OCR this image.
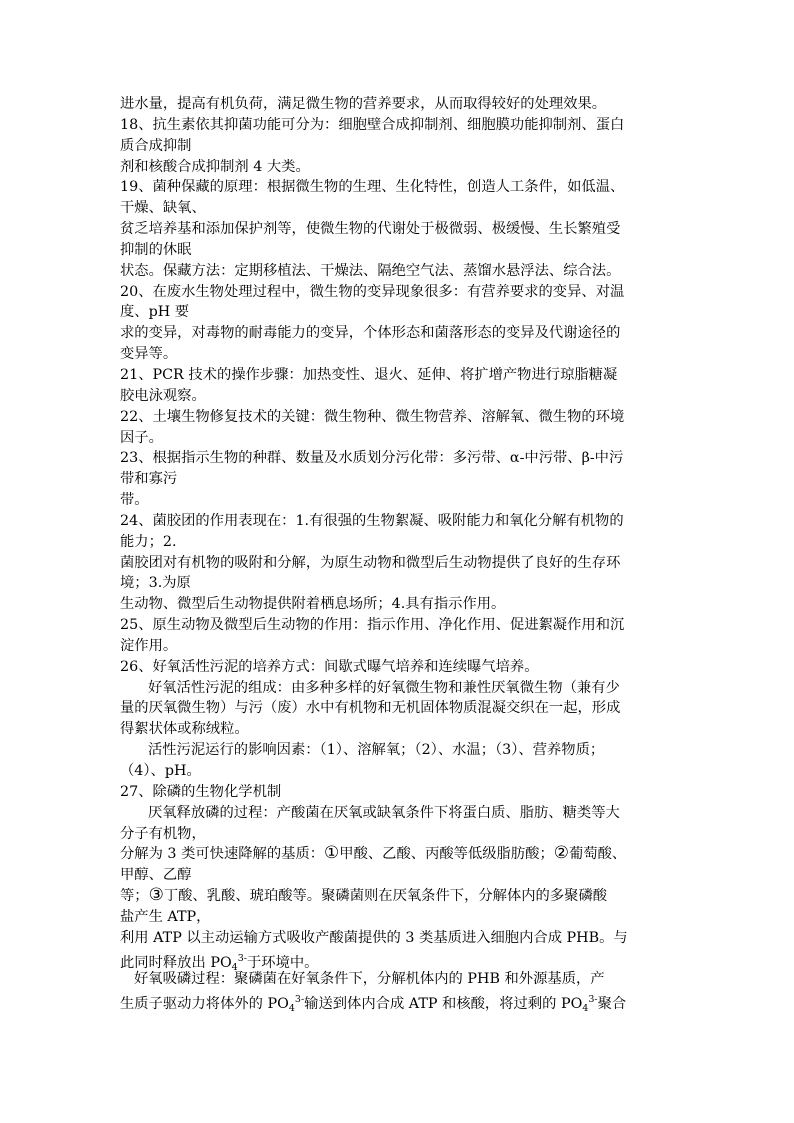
进水量，提高有机负荷，满足微生物的营养要求，从而取得较好的处理效果。
18、抗生素依其抑菌功能可分为：细胞壁合成抑制剂、细胞膜功能抑制剂、蛋白
质合成抑制
剂和核酸合成抑制剂 4 大类。
19、菌种保藏的原理：根据微生物的生理、生化特性，创造人工条件，如低温、
干燥、缺氧、
贫乏培养基和添加保护剂等，使微生物的代谢处于极微弱、极缓慢、生长繁殖受
抑制的休眠
状态。保藏方法：定期移植法、干燥法、隔绝空气法、蒸馏水悬浮法、综合法。
20、在废水生物处理过程中，微生物的变异现象很多：有营养要求的变异、对温
度、pH 要
求的变异，对毒物的耐毒能力的变异，个体形态和菌落形态的变异及代谢途径的
变异等。
21、PCR 技术的操作步骤：加热变性、退火、延伸、将扩增产物进行琼脂糖凝
胶电泳观察。
22、土壤生物修复技术的关键：微生物种、微生物营养、溶解氧、微生物的环境
因子。
23、根据指示生物的种群、数量及水质划分污化带：多污带、α-中污带、β-中污
带和寡污
带。
24、菌胶团的作用表现在：1.有很强的生物絮凝、吸附能力和氧化分解有机物的
能力；2.
菌胶团对有机物的吸附和分解，为原生动物和微型后生动物提供了良好的生存环
境；3.为原
生动物、微型后生动物提供附着栖息场所；4.具有指示作用。
25、原生动物及微型后生动物的作用：指示作用、净化作用、促进絮凝作用和沉
淀作用。
26、好氧活性污泥的培养方式：间歇式曝气培养和连续曝气培养。
好氧活性污泥的组成：由多种多样的好氧微生物和兼性厌氧微生物（兼有少
量的厌氧微生物）与污（废）水中有机物和无机固体物质混凝交织在一起，形成
得絮状体或称绒粒。
活性污泥运行的影响因素：（1）、溶解氧；（2）、水温；（3）、营养物质；
（4）、pH。
27、除磷的生物化学机制
厌氧释放磷的过程：产酸菌在厌氧或缺氧条件下将蛋白质、脂肪、糖类等大
分子有机物，
分解为 3 类可快速降解的基质：①甲酸、乙酸、丙酸等低级脂肪酸；②葡萄酸、
甲醇、乙醇
等；③丁酸、乳酸、琥珀酸等。聚磷菌则在厌氧条件下，分解体内的多聚磷酸
盐产生 ATP，
利用 ATP 以主动运输方式吸收产酸菌提供的 3 类基质进入细胞内合成 PHB。与
此同时释放出 $PO_4^{3-}$于环境中。
好氧吸磷过程：聚磷菌在好氧条件下，分解机体内的 PHB 和外源基质，产
生质子驱动力将体外的 $PO_4^{3-}$输送到体内合成 ATP 和核酸，将过剩的 $PO_4^{3-}$聚合
